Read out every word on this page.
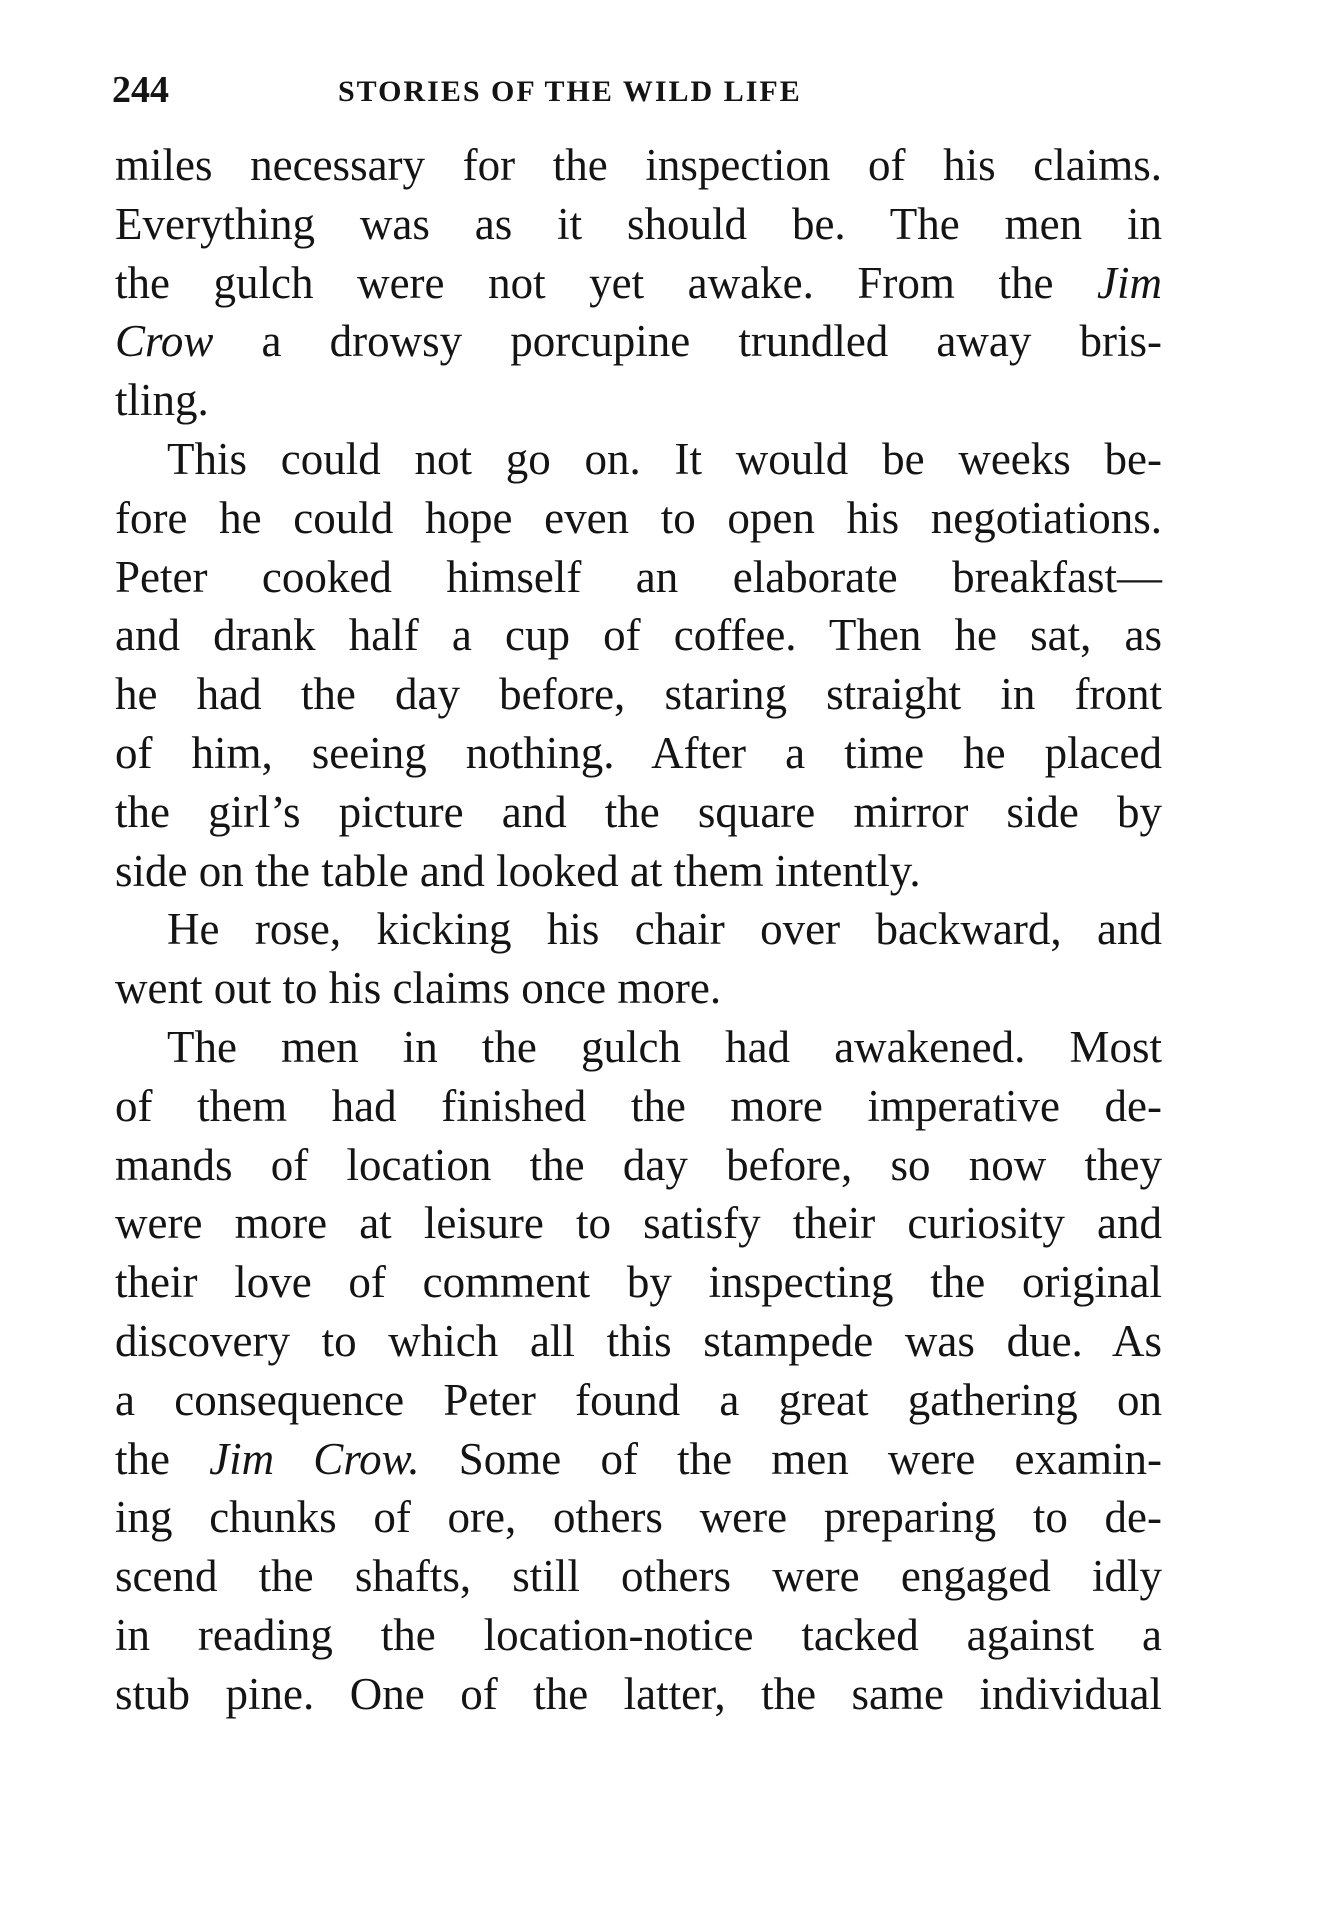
244	STORIES OF THE WILD LIFE
miles necessary for the inspection of his claims.
Everything was as it should be. The men in
the gulch were not yet awake. From the Jim
Crow a drowsy porcupine trundled away bris-
tling.
This could not go on. It would be weeks be-
fore he could hope even to open his negotiations.
Peter cooked himself an elaborate breakfast—
and drank half a cup of coffee. Then he sat, as
he had the day before, staring straight in front
of him, seeing nothing. After a time he placed
the girl’s picture and the square mirror side by
side on the table and looked at them intently.
He rose, kicking his chair over backward, and
went out to his claims once more.
The men in the gulch had awakened. Most
of them had finished the more imperative de-
mands of location the day before, so now they
were more at leisure to satisfy their curiosity and
their love of comment by inspecting the original
discovery to which all this stampede was due. As
a consequence Peter found a great gathering on
the Jim Crow. Some of the men were examin-
ing chunks of ore, others were preparing to de-
scend the shafts, still others were engaged idly
in reading the location-notice tacked against a
stub pine. One of the latter, the same individual
